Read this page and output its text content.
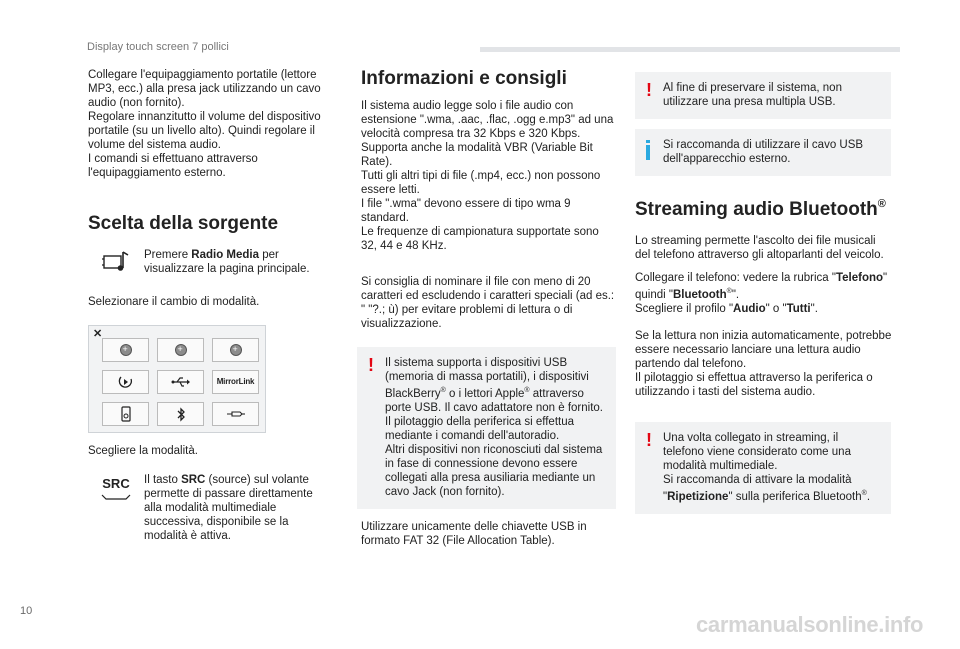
Display touch screen 7 pollici
Collegare l'equipaggiamento portatile (lettore MP3, ecc.) alla presa jack utilizzando un cavo audio (non fornito).
Regolare innanzitutto il volume del dispositivo portatile (su un livello alto). Quindi regolare il volume del sistema audio.
I comandi si effettuano attraverso l'equipaggiamento esterno.
Scelta della sorgente
Premere Radio Media per visualizzare la pagina principale.

Selezionare il cambio di modalità.

✕
+
+
+
MirrorLink

Scegliere la modalità.

SRC Il tasto SRC (source) sul volante permette di passare direttamente alla modalità multimediale successiva, disponibile se la modalità è attiva.
Informazioni e consigli

Il sistema audio legge solo i file audio con estensione ".wma, .aac, .flac, .ogg e.mp3" ad una velocità compresa tra 32 Kbps e 320 Kbps.
Supporta anche la modalità VBR (Variable Bit Rate).
Tutti gli altri tipi di file (.mp4, ecc.) non possono essere letti.
I file ".wma" devono essere di tipo wma 9 standard.
Le frequenze di campionatura supportate sono 32, 44 e 48 KHz.

Si consiglia di nominare il file con meno di 20 caratteri ed escludendo i caratteri speciali (ad es.: " "?.; ù) per evitare problemi di lettura o di visualizzazione.

! Il sistema supporta i dispositivi USB (memoria di massa portatili), i dispositivi BlackBerry® o i lettori Apple® attraverso porte USB. Il cavo adattatore non è fornito.
Il pilotaggio della periferica si effettua mediante i comandi dell'autoradio.
Altri dispositivi non riconosciuti dal sistema in fase di connessione devono essere collegati alla presa ausiliaria mediante un cavo Jack (non fornito).

Utilizzare unicamente delle chiavette USB in formato FAT 32 (File Allocation Table).

! Al fine di preservare il sistema, non utilizzare una presa multipla USB.
Si raccomanda di utilizzare il cavo USB dell'apparecchio esterno.
Streaming audio Bluetooth®

Lo streaming permette l'ascolto dei file musicali del telefono attraverso gli altoparlanti del veicolo.

Collegare il telefono: vedere la rubrica "Telefono" quindi "Bluetooth®".
Scegliere il profilo "Audio" o "Tutti".

Se la lettura non inizia automaticamente, potrebbe essere necessario lanciare una lettura audio partendo dal telefono.
Il pilotaggio si effettua attraverso la periferica o utilizzando i tasti del sistema audio.

! Una volta collegato in streaming, il telefono viene considerato come una modalità multimediale.
Si raccomanda di attivare la modalità "Ripetizione" sulla periferica Bluetooth®.
10
carmanualsonline.info
